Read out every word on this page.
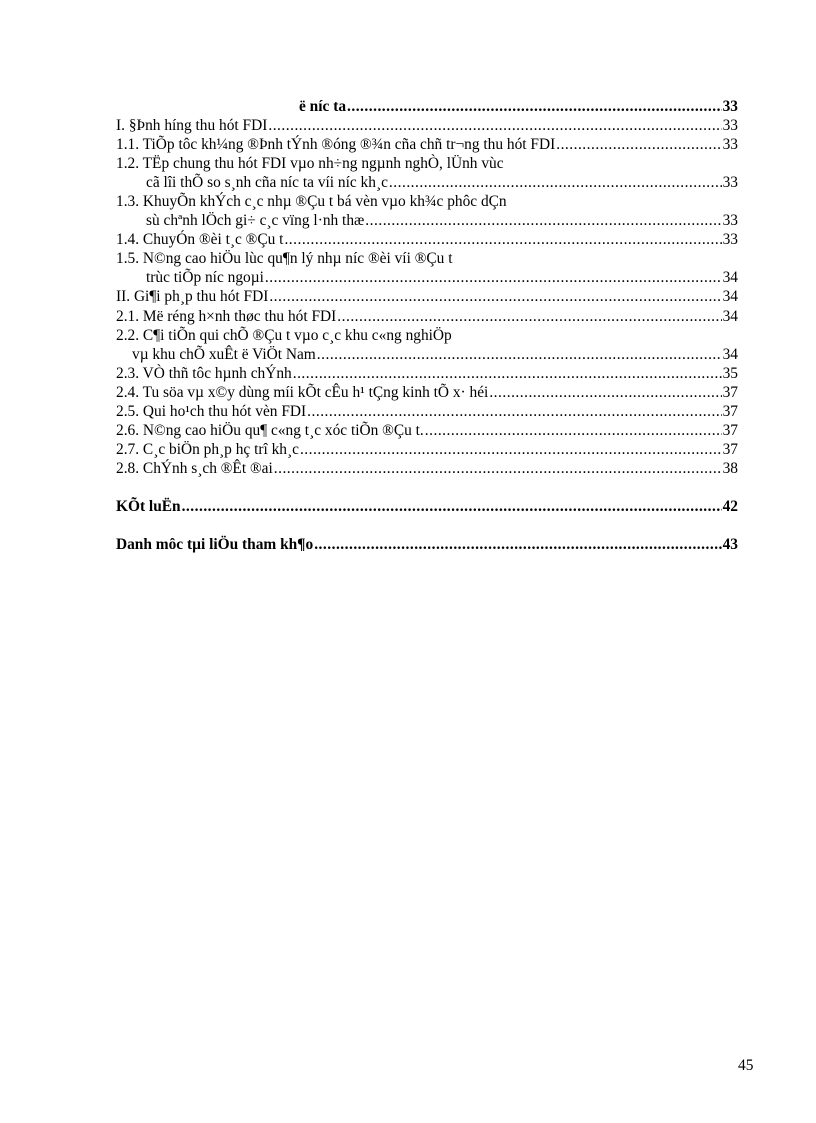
ë níc ta .....	33
I. §Þnh híng thu hót FDI .....	33
1.1. TiÕp tôc kh¼ng ®Þnh tÝnh ®óng ®¾n cña chñ tr¬ng thu hót FDI .....	33
1.2. TËp chung thu hót FDI vµo nh÷ng ngµnh nghÒ, lÜnh vùc
cã lîi thÕ so s¸nh cña níc ta víi níc kh¸c .....	33
1.3. KhuyÕn khÝch c¸c nhµ ®Çu t bá vèn vµo kh¾c phôc dÇn
sù chªnh lÖch gi÷ c¸c vïng l·nh thæ .....	33
1.4. ChuyÓn ®èi t¸c ®Çu t .....	33
1.5. N©ng cao hiÖu lùc qu¶n lý nhµ níc ®èi víi ®Çu t
trùc tiÕp níc ngoµi .....	34
II. Gi¶i ph¸p thu hót FDI .....	34
2.1. Më réng h×nh thøc thu hót FDI .....	34
2.2. C¶i tiÕn qui chÕ ®Çu t vµo c¸c khu c«ng nghiÖp
vµ khu chÕ xuÊt ë ViÖt Nam .....	34
2.3. VÒ thñ tôc hµnh chÝnh .....	35
2.4. Tu söa vµ x©y dùng míi kÕt cÊu h¹ tÇng kinh tÕ x· héi .....	37
2.5. Qui ho¹ch thu hót vèn FDI .....	37
2.6. N©ng cao hiÖu qu¶ c«ng t¸c xóc tiÕn ®Çu t. .....	37
2.7. C¸c biÖn ph¸p hç trî kh¸c .....	37
2.8. ChÝnh s¸ch ®Êt ®ai .....	38
KÕt luËn .....	42
Danh môc tµi liÖu tham kh¶o .....	43
45
